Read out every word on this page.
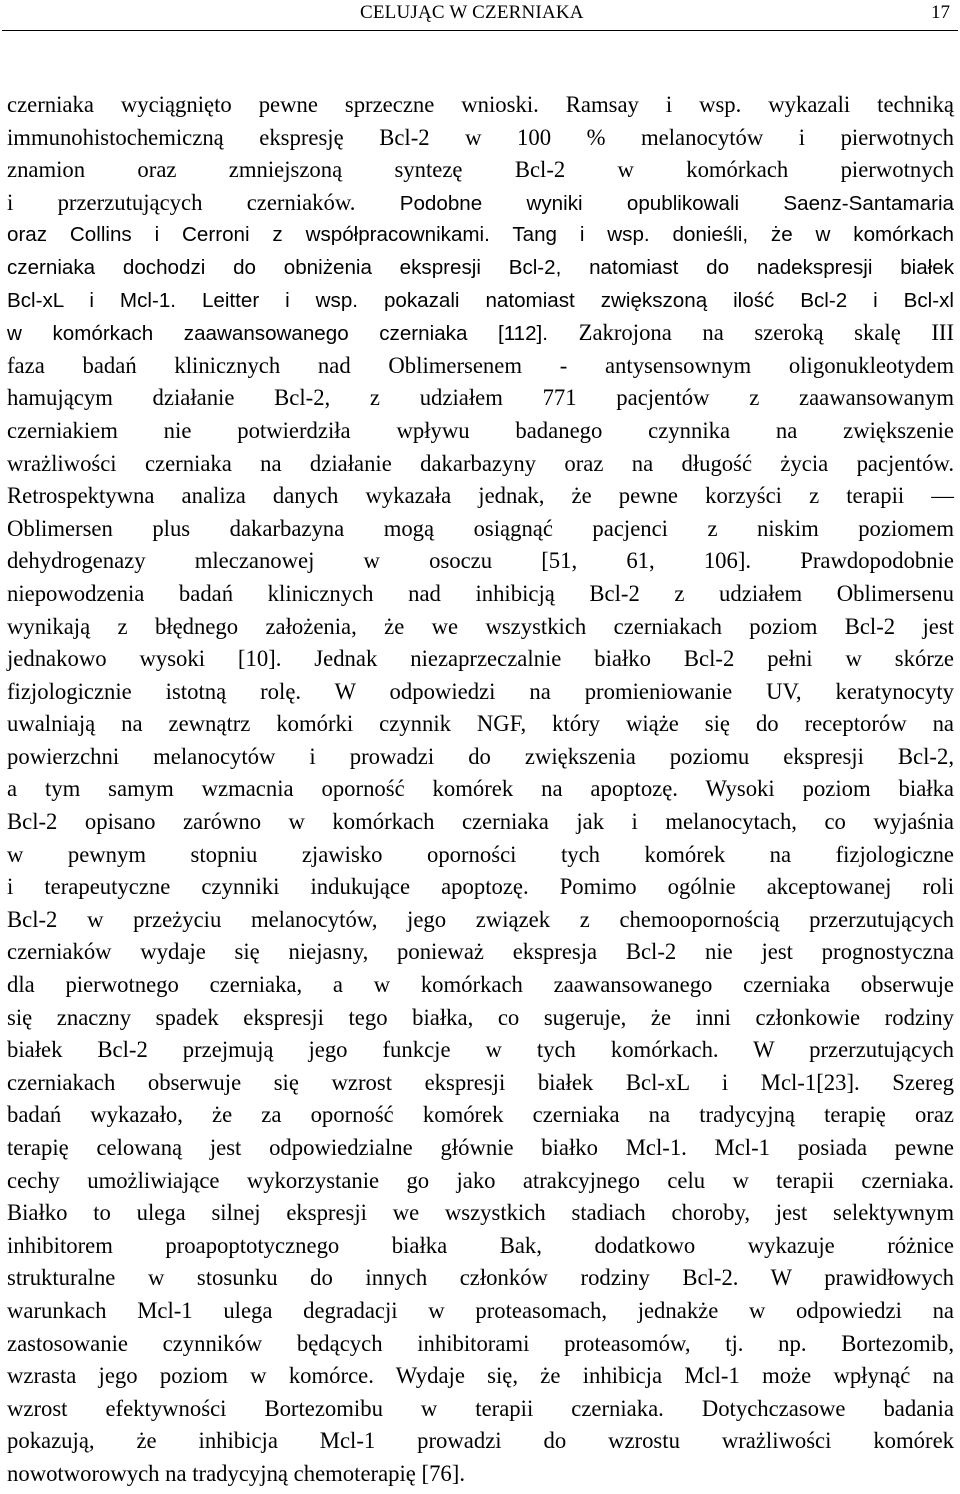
CELUJĄC W CZERNIAKA	17
czerniaka wyciągnięto pewne sprzeczne wnioski. Ramsay i wsp. wykazali techniką
immunohistochemiczną ekspresję Bcl-2 w 100 % melanocytów i pierwotnych
znamion oraz zmniejszoną syntezę Bcl-2 w komórkach pierwotnych
i przerzutujących czerniaków. Podobne wyniki opublikowali Saenz-Santamaria
oraz Collins i Cerroni z współpracownikami. Tang i wsp. donieśli, że w komórkach
czerniaka dochodzi do obniżenia ekspresji Bcl-2, natomiast do nadekspresji białek
Bcl-xL i Mcl-1. Leitter i wsp. pokazali natomiast zwiększoną ilość Bcl-2 i Bcl-xl
w komórkach zaawansowanego czerniaka [112]. Zakrojona na szeroką skalę III
faza badań klinicznych nad Oblimersenem - antysensownym oligonukleotydem
hamującym działanie Bcl-2, z udziałem 771 pacjentów z zaawansowanym
czerniakiem nie potwierdziła wpływu badanego czynnika na zwiększenie
wrażliwości czerniaka na działanie dakarbazyny oraz na długość życia pacjentów.
Retrospektywna analiza danych wykazała jednak, że pewne korzyści z terapii —
Oblimersen plus dakarbazyna mogą osiągnąć pacjenci z niskim poziomem
dehydrogenazy mleczanowej w osoczu [51, 61, 106]. Prawdopodobnie
niepowodzenia badań klinicznych nad inhibicją Bcl-2 z udziałem Oblimersenu
wynikają z błędnego założenia, że we wszystkich czerniakach poziom Bcl-2 jest
jednakowo wysoki [10]. Jednak niezaprzeczalnie białko Bcl-2 pełni w skórze
fizjologicznie istotną rolę. W odpowiedzi na promieniowanie UV, keratynocyty
uwalniają na zewnątrz komórki czynnik NGF, który wiąże się do receptorów na
powierzchni melanocytów i prowadzi do zwiększenia poziomu ekspresji Bcl-2,
a tym samym wzmacnia oporność komórek na apoptozę. Wysoki poziom białka
Bcl-2 opisano zarówno w komórkach czerniaka jak i melanocytach, co wyjaśnia
w pewnym stopniu zjawisko oporności tych komórek na fizjologiczne
i terapeutyczne czynniki indukujące apoptozę. Pomimo ogólnie akceptowanej roli
Bcl-2 w przeżyciu melanocytów, jego związek z chemoopornością przerzutujących
czerniaków wydaje się niejasny, ponieważ ekspresja Bcl-2 nie jest prognostyczna
dla pierwotnego czerniaka, a w komórkach zaawansowanego czerniaka obserwuje
się znaczny spadek ekspresji tego białka, co sugeruje, że inni członkowie rodziny
białek Bcl-2 przejmują jego funkcje w tych komórkach. W przerzutujących
czerniakach obserwuje się wzrost ekspresji białek Bcl-xL i Mcl-1[23]. Szereg
badań wykazało, że za oporność komórek czerniaka na tradycyjną terapię oraz
terapię celowaną jest odpowiedzialne głównie białko Mcl-1. Mcl-1 posiada pewne
cechy umożliwiające wykorzystanie go jako atrakcyjnego celu w terapii czerniaka.
Białko to ulega silnej ekspresji we wszystkich stadiach choroby, jest selektywnym
inhibitorem proapoptotycznego białka Bak, dodatkowo wykazuje różnice
strukturalne w stosunku do innych członków rodziny Bcl-2. W prawidłowych
warunkach Mcl-1 ulega degradacji w proteasomach, jednakże w odpowiedzi na
zastosowanie czynników będących inhibitorami proteasomów, tj. np. Bortezomib,
wzrasta jego poziom w komórce. Wydaje się, że inhibicja Mcl-1 może wpłynąć na
wzrost efektywności Bortezomibu w terapii czerniaka. Dotychczasowe badania
pokazują, że inhibicja Mcl-1 prowadzi do wzrostu wrażliwości komórek
nowotworowych na tradycyjną chemoterapię [76].
